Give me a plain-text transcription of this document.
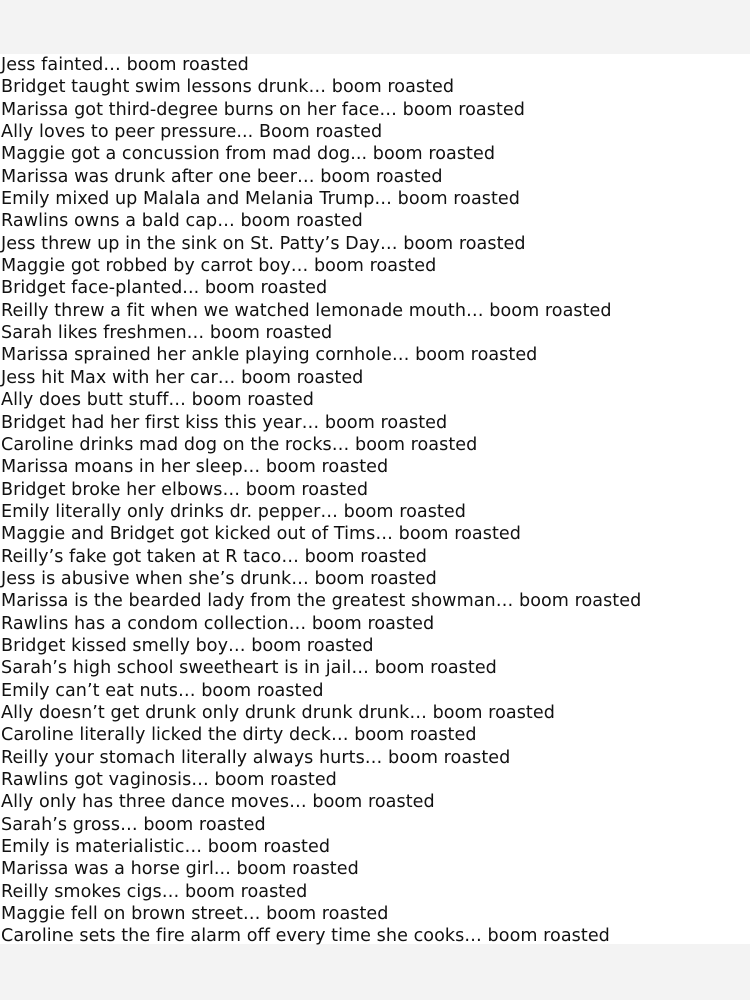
Jess fainted… boom roasted
Bridget taught swim lessons drunk… boom roasted
Marissa got third-degree burns on her face… boom roasted
Ally loves to peer pressure... Boom roasted
Maggie got a concussion from mad dog... boom roasted
Marissa was drunk after one beer… boom roasted
Emily mixed up Malala and Melania Trump… boom roasted
Rawlins owns a bald cap… boom roasted
Jess threw up in the sink on St. Patty’s Day… boom roasted
Maggie got robbed by carrot boy… boom roasted
Bridget face-planted... boom roasted
Reilly threw a fit when we watched lemonade mouth… boom roasted
Sarah likes freshmen… boom roasted
Marissa sprained her ankle playing cornhole… boom roasted
Jess hit Max with her car… boom roasted
Ally does butt stuff… boom roasted
Bridget had her first kiss this year… boom roasted
Caroline drinks mad dog on the rocks… boom roasted
Marissa moans in her sleep… boom roasted
Bridget broke her elbows… boom roasted
Emily literally only drinks dr. pepper… boom roasted
Maggie and Bridget got kicked out of Tims… boom roasted
Reilly’s fake got taken at R taco… boom roasted
Jess is abusive when she’s drunk… boom roasted
Marissa is the bearded lady from the greatest showman… boom roasted
Rawlins has a condom collection… boom roasted
Bridget kissed smelly boy… boom roasted
Sarah’s high school sweetheart is in jail… boom roasted
Emily can’t eat nuts… boom roasted
Ally doesn’t get drunk only drunk drunk drunk… boom roasted
Caroline literally licked the dirty deck… boom roasted
Reilly your stomach literally always hurts… boom roasted
Rawlins got vaginosis… boom roasted
Ally only has three dance moves… boom roasted
Sarah’s gross… boom roasted
Emily is materialistic… boom roasted
Marissa was a horse girl... boom roasted
Reilly smokes cigs… boom roasted
Maggie fell on brown street… boom roasted
Caroline sets the fire alarm off every time she cooks… boom roasted
